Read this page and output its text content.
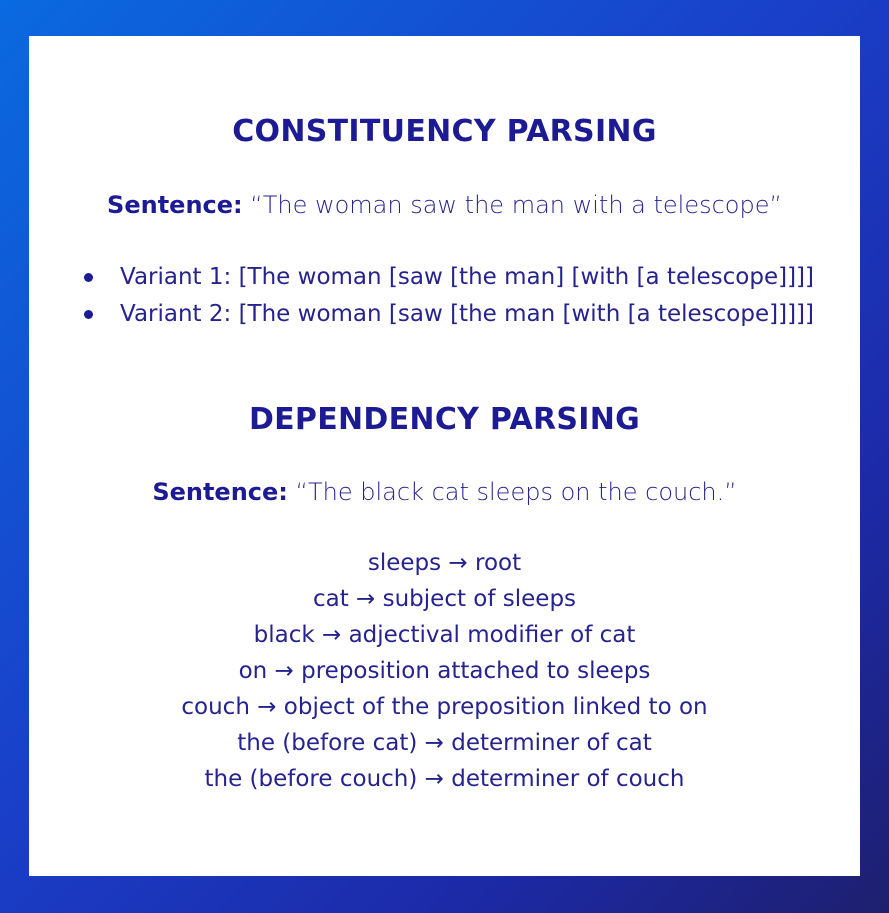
CONSTITUENCY PARSING
Sentence: “The woman saw the man with a telescope”
Variant 1: [The woman [saw [the man] [with [a telescope]]]]
Variant 2: [The woman [saw [the man [with [a telescope]]]]]
DEPENDENCY PARSING
Sentence: “The black cat sleeps on the couch.”
sleeps → root
cat → subject of sleeps
black → adjectival modifier of cat
on → preposition attached to sleeps
couch → object of the preposition linked to on
the (before cat) → determiner of cat
the (before couch) → determiner of couch
